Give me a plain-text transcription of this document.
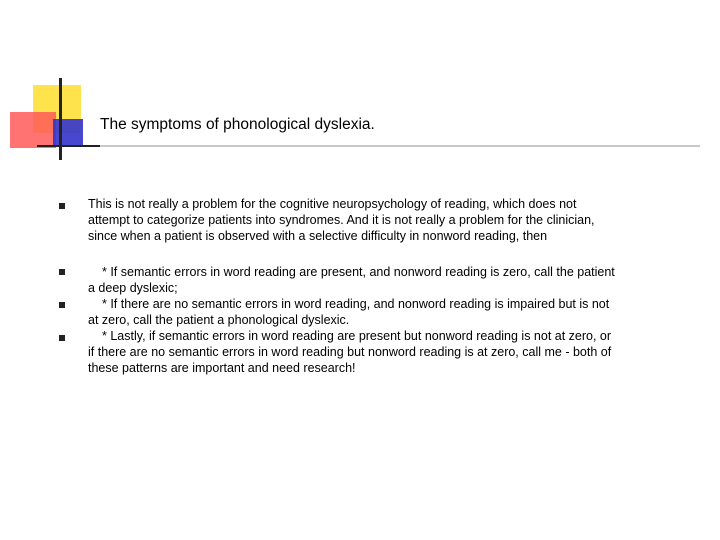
The symptoms of phonological dyslexia.
This is not really a problem for the cognitive neuropsychology of reading, which does not
attempt to categorize patients into syndromes. And it is not really a problem for the clinician,
since when a patient is observed with a selective difficulty in nonword reading, then
* If semantic errors in word reading are present, and nonword reading is zero, call the patient
a deep dyslexic;
* If there are no semantic errors in word reading, and nonword reading is impaired but is not
at zero, call the patient a phonological dyslexic.
* Lastly, if semantic errors in word reading are present but nonword reading is not at zero, or
if there are no semantic errors in word reading but nonword reading is at zero, call me - both of
these patterns are important and need research!
